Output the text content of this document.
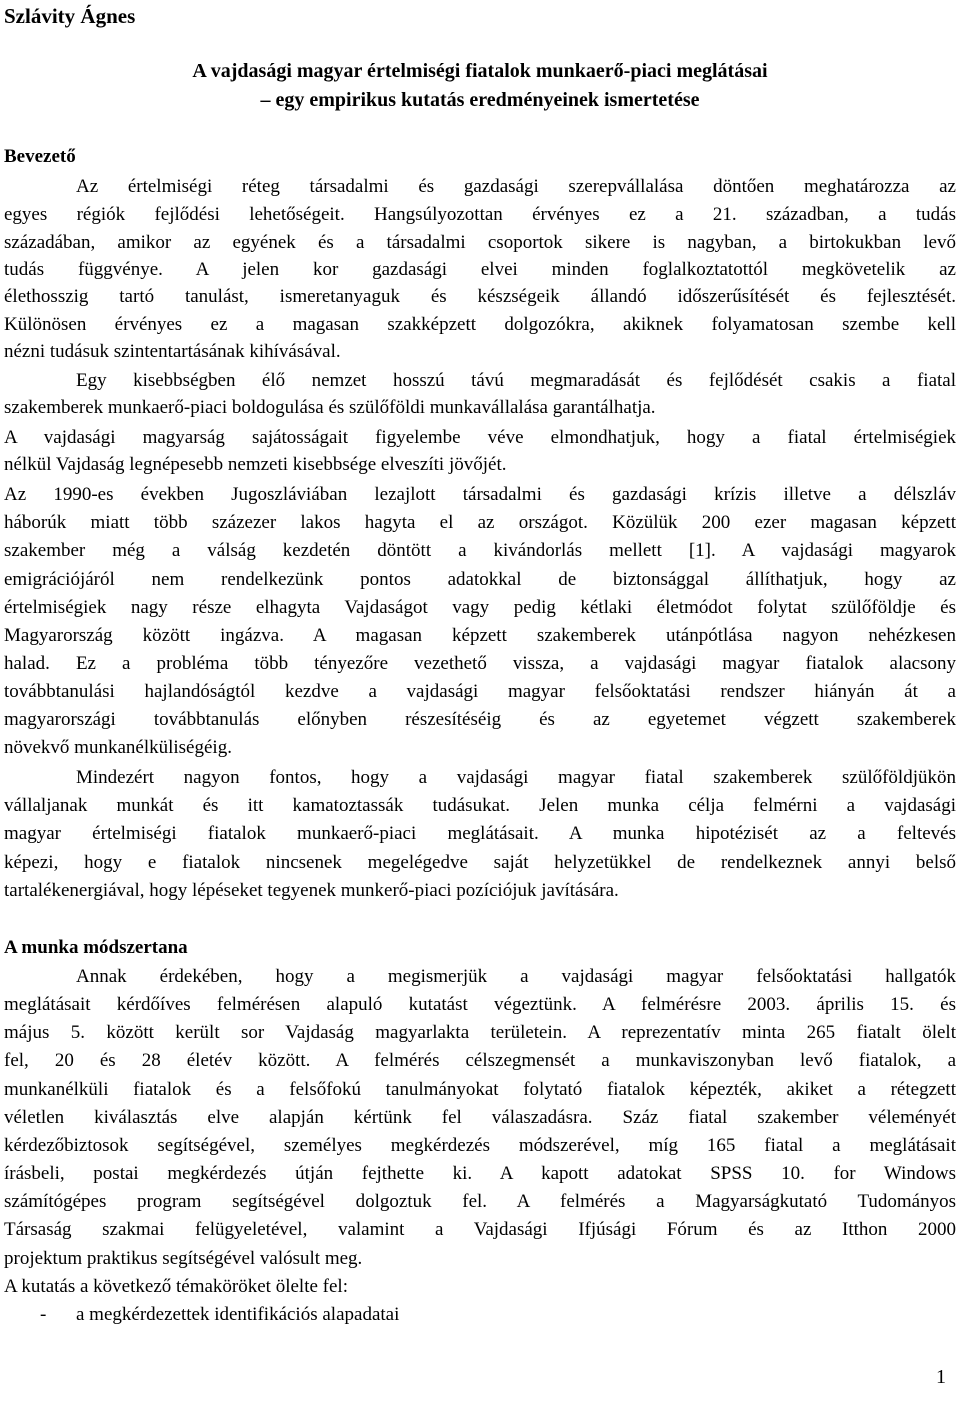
Szlávity Ágnes
A vajdasági magyar értelmiségi fiatalok munkaerő-piaci meglátásai
– egy empirikus kutatás eredményeinek ismertetése
Bevezető
Az értelmiségi réteg társadalmi és gazdasági szerepvállalása döntően meghatározza az
egyes régiók fejlődési lehetőségeit. Hangsúlyozottan érvényes ez a 21. században, a tudás
századában, amikor az egyének és a társadalmi csoportok sikere is nagyban, a birtokukban levő
tudás függvénye. A jelen kor gazdasági elvei minden foglalkoztatottól megkövetelik az
élethosszig tartó tanulást, ismeretanyaguk és készségeik állandó időszerűsítését és fejlesztését.
Különösen érvényes ez a magasan szakképzett dolgozókra, akiknek folyamatosan szembe kell
nézni tudásuk szintentartásának kihívásával.
Egy kisebbségben élő nemzet hosszú távú megmaradását és fejlődését csakis a fiatal
szakemberek munkaerő-piaci boldogulása és szülőföldi munkavállalása garantálhatja.
A vajdasági magyarság sajátosságait figyelembe véve elmondhatjuk, hogy a fiatal értelmiségiek
nélkül Vajdaság legnépesebb nemzeti kisebbsége elveszíti jövőjét.
Az 1990-es években Jugoszláviában lezajlott társadalmi és gazdasági krízis illetve a délszláv
háborúk miatt több százezer lakos hagyta el az országot. Közülük 200 ezer magasan képzett
szakember még a válság kezdetén döntött a kivándorlás mellett [1]. A vajdasági magyarok
emigrációjáról nem rendelkezünk pontos adatokkal de biztonsággal állíthatjuk, hogy az
értelmiségiek nagy része elhagyta Vajdaságot vagy pedig kétlaki életmódot folytat szülőföldje és
Magyarország között ingázva. A magasan képzett szakemberek utánpótlása nagyon nehézkesen
halad. Ez a probléma több tényezőre vezethető vissza, a vajdasági magyar fiatalok alacsony
továbbtanulási hajlandóságtól kezdve a vajdasági magyar felsőoktatási rendszer hiányán át a
magyarországi továbbtanulás előnyben részesítéséig és az egyetemet végzett szakemberek
növekvő munkanélküliségéig.
Mindezért nagyon fontos, hogy a vajdasági magyar fiatal szakemberek szülőföldjükön
vállaljanak munkát és itt kamatoztassák tudásukat. Jelen munka célja felmérni a vajdasági
magyar értelmiségi fiatalok munkaerő-piaci meglátásait. A munka hipotézisét az a feltevés
képezi, hogy e fiatalok nincsenek megelégedve saját helyzetükkel de rendelkeznek annyi belső
tartalékenergiával, hogy lépéseket tegyenek munkerő-piaci pozíciójuk javítására.
A munka módszertana
Annak érdekében, hogy a megismerjük a vajdasági magyar felsőoktatási hallgatók
meglátásait kérdőíves felmérésen alapuló kutatást végeztünk. A felmérésre 2003. április 15. és
május 5. között került sor Vajdaság magyarlakta területein. A reprezentatív minta 265 fiatalt ölelt
fel, 20 és 28 életév között. A felmérés célszegmensét a munkaviszonyban levő fiatalok, a
munkanélküli fiatalok és a felsőfokú tanulmányokat folytató fiatalok képezték, akiket a rétegzett
véletlen kiválasztás elve alapján kértünk fel válaszadásra. Száz fiatal szakember véleményét
kérdezőbiztosok segítségével, személyes megkérdezés módszerével, míg 165 fiatal a meglátásait
írásbeli, postai megkérdezés útján fejthette ki. A kapott adatokat SPSS 10. for Windows
számítógépes program segítségével dolgoztuk fel. A felmérés a Magyarságkutató Tudományos
Társaság szakmai felügyeletével, valamint a Vajdasági Ifjúsági Fórum és az Itthon 2000
projektum praktikus segítségével valósult meg.
A kutatás a következő témaköröket ölelte fel:
- a megkérdezettek identifikációs alapadatai
1
